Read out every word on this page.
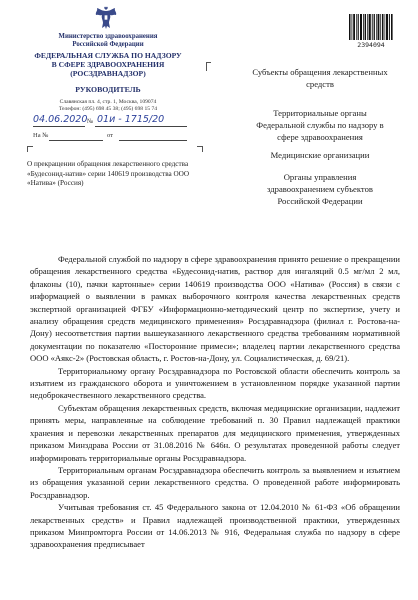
Министерство здравоохранения
Российской Федерации
ФЕДЕРАЛЬНАЯ СЛУЖБА ПО НАДЗОРУ
В СФЕРЕ ЗДРАВООХРАНЕНИЯ
(РОСЗДРАВНАДЗОР)
РУКОВОДИТЕЛЬ
Славянская пл. 4, стр. 1, Москва, 109074
Телефон: (495) 698 45 38; (495) 698 15 74
04.06.2020 № 01и - 1715/20
На №	от
О прекращении обращения лекарственного средства «Будесонид-натив» серии 140619 производства ООО «Натива» (Россия)
2394094
Субъекты обращения лекарственных средств
Территориальные органы Федеральной службы по надзору в сфере здравоохранения
Медицинские организации
Органы управления здравоохранением субъектов Российской Федерации

Федеральной службой по надзору в сфере здравоохранения принято решение о прекращении обращения лекарственного средства «Будесонид-натив, раствор для ингаляций 0.5 мг/мл 2 мл, флаконы (10), пачки картонные» серии 140619 производства ООО «Натива» (Россия) в связи с информацией о выявлении в рамках выборочного контроля качества лекарственных средств экспертной организацией ФГБУ «Информационно-методический центр по экспертизе, учету и анализу обращения средств медицинского применения» Росздравнадзора (филиал г. Ростова-на-Дону) несоответствия партии вышеуказанного лекарственного средства требованиям нормативной документации по показателю «Посторонние примеси»; владелец партии лекарственного средства ООО «Аякс-2» (Ростовская область, г. Ростов-на-Дону, ул. Социалистическая, д. 69/21).

Территориальному органу Росздравнадзора по Ростовской области обеспечить контроль за изъятием из гражданского оборота и уничтожением в установленном порядке указанной партии недоброкачественного лекарственного средства.

Субъектам обращения лекарственных средств, включая медицинские организации, надлежит принять меры, направленные на соблюдение требований п. 30 Правил надлежащей практики хранения и перевозки лекарственных препаратов для медицинского применения, утвержденных приказом Минздрава России от 31.08.2016 № 646н. О результатах проведенной работы следует информировать территориальные органы Росздравнадзора.

Территориальным органам Росздравнадзора обеспечить контроль за выявлением и изъятием из обращения указанной серии лекарственного средства. О проведенной работе информировать Росздравнадзор.

Учитывая требования ст. 45 Федерального закона от 12.04.2010 № 61-ФЗ «Об обращении лекарственных средств» и Правил надлежащей производственной практики, утвержденных приказом Минпромторга России от 14.06.2013 № 916, Федеральная служба по надзору в сфере здравоохранения предписывает
